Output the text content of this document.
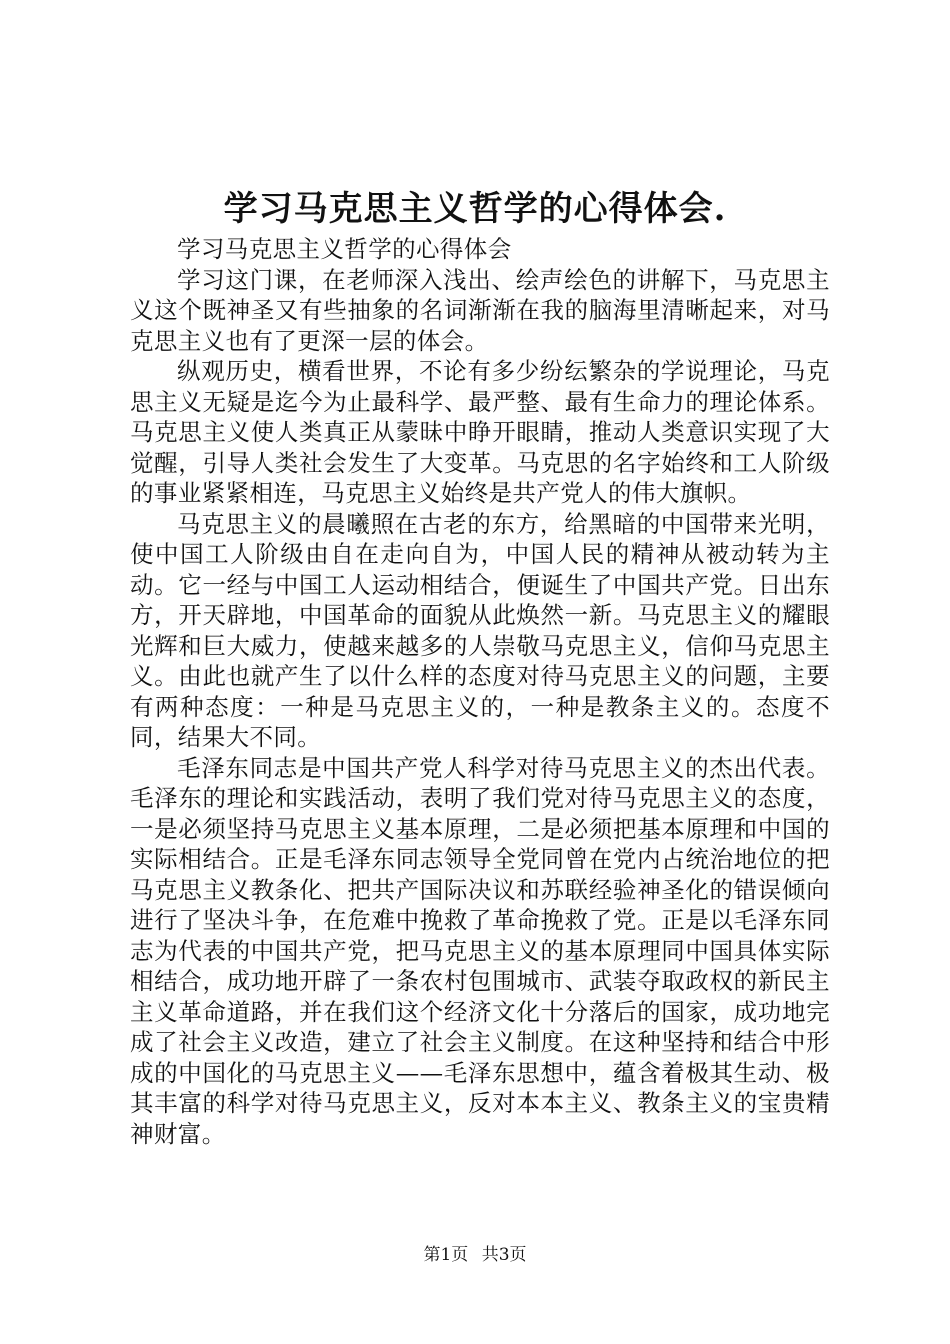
学习马克思主义哲学的心得体会.

学习马克思主义哲学的心得体会

学习这门课，在老师深入浅出、绘声绘色的讲解下，马克思主义这个既神圣又有些抽象的名词渐渐在我的脑海里清晰起来，对马克思主义也有了更深一层的体会。

纵观历史，横看世界，不论有多少纷纭繁杂的学说理论，马克思主义无疑是迄今为止最科学、最严整、最有生命力的理论体系。马克思主义使人类真正从蒙昧中睁开眼睛，推动人类意识实现了大觉醒，引导人类社会发生了大变革。马克思的名字始终和工人阶级的事业紧紧相连，马克思主义始终是共产党人的伟大旗帜。

马克思主义的晨曦照在古老的东方，给黑暗的中国带来光明，使中国工人阶级由自在走向自为，中国人民的精神从被动转为主动。它一经与中国工人运动相结合，便诞生了中国共产党。日出东方，开天辟地，中国革命的面貌从此焕然一新。马克思主义的耀眼光辉和巨大威力，使越来越多的人崇敬马克思主义，信仰马克思主义。由此也就产生了以什么样的态度对待马克思主义的问题，主要有两种态度：一种是马克思主义的，一种是教条主义的。态度不同，结果大不同。

毛泽东同志是中国共产党人科学对待马克思主义的杰出代表。毛泽东的理论和实践活动，表明了我们党对待马克思主义的态度，一是必须坚持马克思主义基本原理，二是必须把基本原理和中国的实际相结合。正是毛泽东同志领导全党同曾在党内占统治地位的把马克思主义教条化、把共产国际决议和苏联经验神圣化的错误倾向进行了坚决斗争，在危难中挽救了革命挽救了党。正是以毛泽东同志为代表的中国共产党，把马克思主义的基本原理同中国具体实际相结合，成功地开辟了一条农村包围城市、武装夺取政权的新民主主义革命道路，并在我们这个经济文化十分落后的国家，成功地完成了社会主义改造，建立了社会主义制度。在这种坚持和结合中形成的中国化的马克思主义——毛泽东思想中，蕴含着极其生动、极其丰富的科学对待马克思主义，反对本本主义、教条主义的宝贵精神财富。

第1页 共3页
